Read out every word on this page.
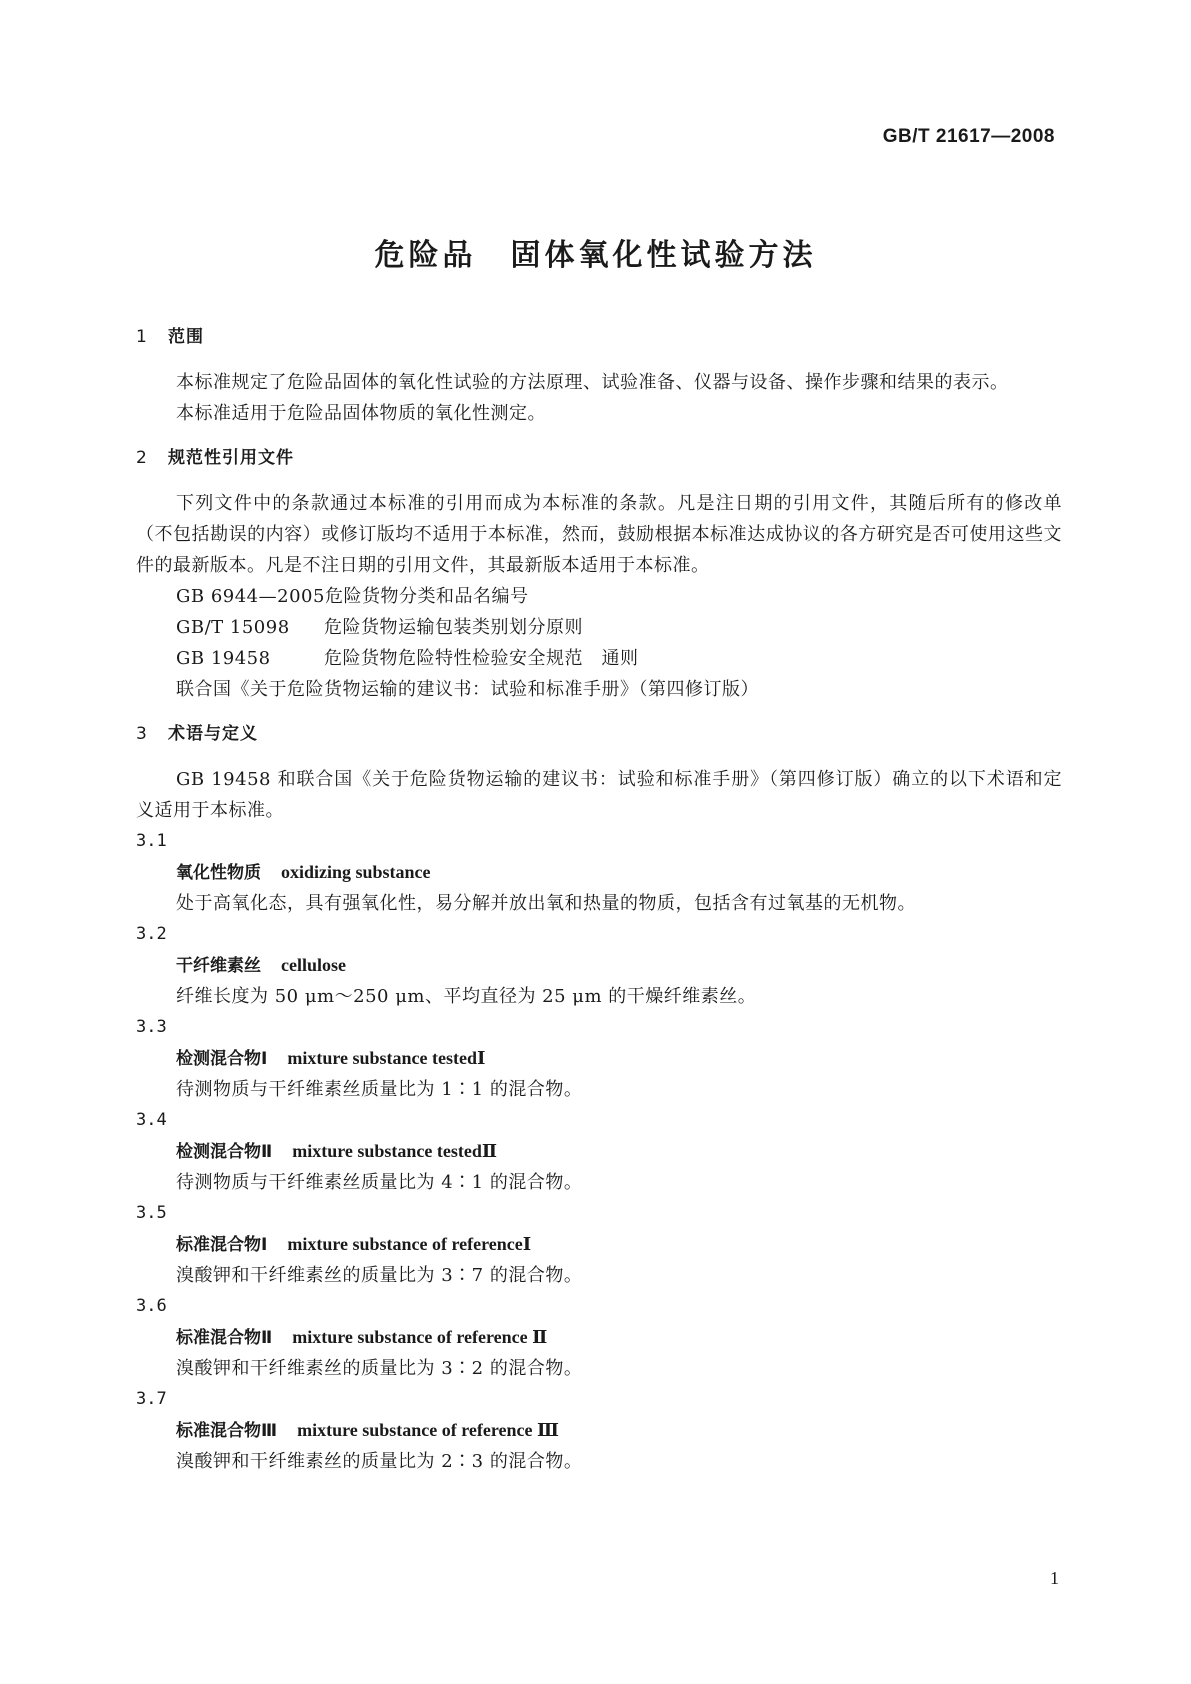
GB/T 21617—2008
危险品 固体氧化性试验方法
1 范围

本标准规定了危险品固体的氧化性试验的方法原理、试验准备、仪器与设备、操作步骤和结果的表示。

本标准适用于危险品固体物质的氧化性测定。

2 规范性引用文件

下列文件中的条款通过本标准的引用而成为本标准的条款。凡是注日期的引用文件，其随后所有的修改单（不包括勘误的内容）或修订版均不适用于本标准，然而，鼓励根据本标准达成协议的各方研究是否可使用这些文件的最新版本。凡是不注日期的引用文件，其最新版本适用于本标准。

GB 6944—2005危险货物分类和品名编号

GB/T 15098 危险货物运输包装类别划分原则

GB 19458	危险货物危险特性检验安全规范　通则

联合国《关于危险货物运输的建议书：试验和标准手册》（第四修订版）

3 术语与定义

GB 19458 和联合国《关于危险货物运输的建议书：试验和标准手册》（第四修订版）确立的以下术语和定义适用于本标准。

3.1
氧化性物质 oxidizing substance

处于高氧化态，具有强氧化性，易分解并放出氧和热量的物质，包括含有过氧基的无机物。

3.2
干纤维素丝 cellulose

纤维长度为 50 μm～250 μm、平均直径为 25 μm 的干燥纤维素丝。

3.3
检测混合物Ⅰ mixture substance testedⅠ

待测物质与干纤维素丝质量比为 1∶1 的混合物。

3.4
检测混合物Ⅱ mixture substance testedⅡ

待测物质与干纤维素丝质量比为 4∶1 的混合物。

3.5
标准混合物Ⅰ mixture substance of referenceⅠ

溴酸钾和干纤维素丝的质量比为 3∶7 的混合物。

3.6
标准混合物Ⅱ mixture substance of reference Ⅱ

溴酸钾和干纤维素丝的质量比为 3∶2 的混合物。

3.7
标准混合物Ⅲ mixture substance of reference Ⅲ

溴酸钾和干纤维素丝的质量比为 2∶3 的混合物。

1
